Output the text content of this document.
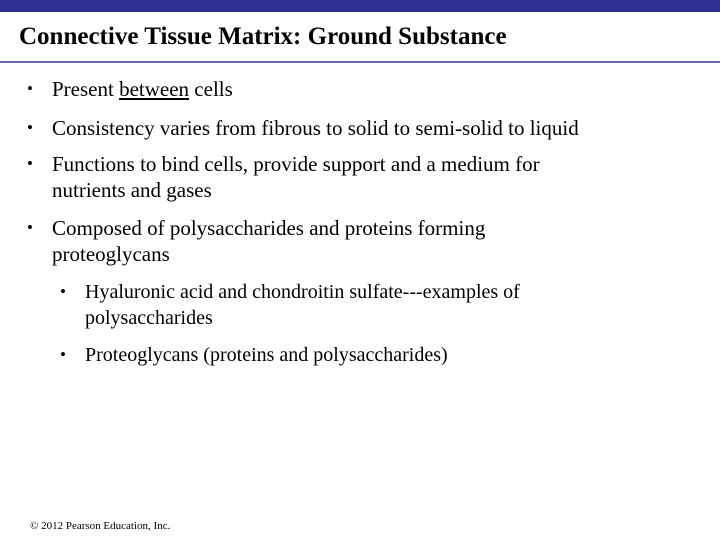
Connective Tissue Matrix: Ground Substance
• Present between cells
• Consistency varies from fibrous to solid to semi-solid to liquid
• Functions to bind cells, provide support and a medium for
nutrients and gases
• Composed of polysaccharides and proteins forming
proteoglycans
• Hyaluronic acid and chondroitin sulfate---examples of
polysaccharides
• Proteoglycans (proteins and polysaccharides)
© 2012 Pearson Education, Inc.
